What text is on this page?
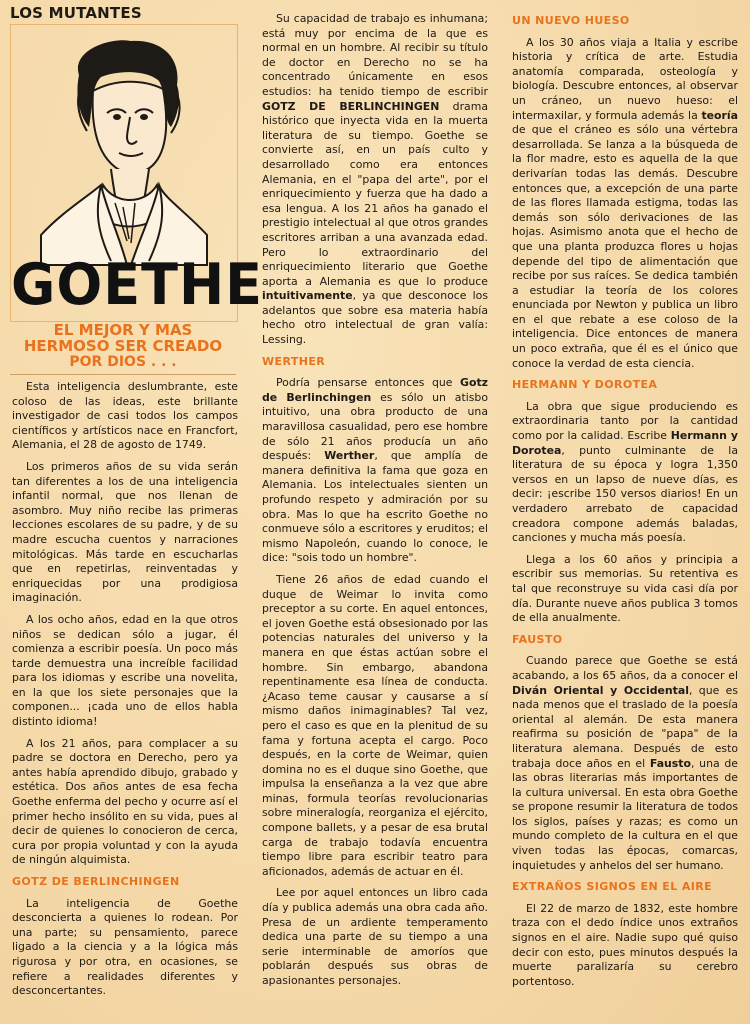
LOS MUTANTES
GOETHE
EL MEJOR Y MAS
HERMOSO SER CREADO
POR DIOS . . .

Esta inteligencia deslumbrante, este coloso de las ideas, este brillante investigador de casi todos los campos científicos y artísticos nace en Francfort, Alemania, el 28 de agosto de 1749.

Los primeros años de su vida serán tan diferentes a los de una inteligencia infantil normal, que nos llenan de asombro. Muy niño recibe las primeras lecciones escolares de su padre, y de su madre escucha cuentos y narraciones mitológicas. Más tarde en escucharlas que en repetirlas, reinventadas y enriquecidas por una prodigiosa imaginación.

A los ocho años, edad en la que otros niños se dedican sólo a jugar, él comienza a escribir poesía. Un poco más tarde demuestra una increíble facilidad para los idiomas y escribe una novelita, en la que los siete personajes que la componen... ¡cada uno de ellos habla distinto idioma!

A los 21 años, para complacer a su padre se doctora en Derecho, pero ya antes había aprendido dibujo, grabado y estética. Dos años antes de esa fecha Goethe enferma del pecho y ocurre así el primer hecho insólito en su vida, pues al decir de quienes lo conocieron de cerca, cura por propia voluntad y con la ayuda de ningún alquimista.

GOTZ DE BERLINCHINGEN

La inteligencia de Goethe desconcierta a quienes lo rodean. Por una parte; su pensamiento, parece ligado a la ciencia y a la lógica más rigurosa y por otra, en ocasiones, se refiere a realidades diferentes y desconcertantes.

Su capacidad de trabajo es inhumana; está muy por encima de la que es normal en un hombre. Al recibir su título de doctor en Derecho no se ha concentrado únicamente en esos estudios: ha tenido tiempo de escribir GOTZ DE BERLINCHINGEN drama histórico que inyecta vida en la muerta literatura de su tiempo. Goethe se convierte así, en un país culto y desarrollado como era entonces Alemania, en el "papa del arte", por el enriquecimiento y fuerza que ha dado a esa lengua. A los 21 años ha ganado el prestigio intelectual al que otros grandes escritores arriban a una avanzada edad. Pero lo extraordinario del enriquecimiento literario que Goethe aporta a Alemania es que lo produce intuitivamente, ya que desconoce los adelantos que sobre esa materia había hecho otro intelectual de gran valía: Lessing.

WERTHER

Podría pensarse entonces que Gotz de Berlinchingen es sólo un atisbo intuitivo, una obra producto de una maravillosa casualidad, pero ese hombre de sólo 21 años producía un año después: Werther, que amplía de manera definitiva la fama que goza en Alemania. Los intelectuales sienten un profundo respeto y admiración por su obra. Mas lo que ha escrito Goethe no conmueve sólo a escritores y eruditos; el mismo Napoleón, cuando lo conoce, le dice: "sois todo un hombre".

Tiene 26 años de edad cuando el duque de Weimar lo invita como preceptor a su corte. En aquel entonces, el joven Goethe está obsesionado por las potencias naturales del universo y la manera en que éstas actúan sobre el hombre. Sin embargo, abandona repentinamente esa línea de conducta. ¿Acaso teme causar y causarse a sí mismo daños inimaginables? Tal vez, pero el caso es que en la plenitud de su fama y fortuna acepta el cargo. Poco después, en la corte de Weimar, quien domina no es el duque sino Goethe, que impulsa la enseñanza a la vez que abre minas, formula teorías revolucionarias sobre mineralogía, reorganiza el ejército, compone ballets, y a pesar de esa brutal carga de trabajo todavía encuentra tiempo libre para escribir teatro para aficionados, además de actuar en él.

Lee por aquel entonces un libro cada día y publica además una obra cada año. Presa de un ardiente temperamento dedica una parte de su tiempo a una serie interminable de amoríos que poblarán después sus obras de apasionantes personajes.

UN NUEVO HUESO

A los 30 años viaja a Italia y escribe historia y crítica de arte. Estudia anatomía comparada, osteología y biología. Descubre entonces, al observar un cráneo, un nuevo hueso: el intermaxilar, y formula además la teoría de que el cráneo es sólo una vértebra desarrollada. Se lanza a la búsqueda de la flor madre, esto es aquella de la que derivarían todas las demás. Descubre entonces que, a excepción de una parte de las flores llamada estigma, todas las demás son sólo derivaciones de las hojas. Asimismo anota que el hecho de que una planta produzca flores u hojas depende del tipo de alimentación que recibe por sus raíces. Se dedica también a estudiar la teoría de los colores enunciada por Newton y publica un libro en el que rebate a ese coloso de la inteligencia. Dice entonces de manera un poco extraña, que él es el único que conoce la verdad de esta ciencia.

HERMANN Y DOROTEA

La obra que sigue produciendo es extraordinaria tanto por la cantidad como por la calidad. Escribe Hermann y Dorotea, punto culminante de la literatura de su época y logra 1,350 versos en un lapso de nueve días, es decir: ¡escribe 150 versos diarios! En un verdadero arrebato de capacidad creadora compone además baladas, canciones y mucha más poesía.

Llega a los 60 años y principia a escribir sus memorias. Su retentiva es tal que reconstruye su vida casi día por día. Durante nueve años publica 3 tomos de ella anualmente.

FAUSTO

Cuando parece que Goethe se está acabando, a los 65 años, da a conocer el Diván Oriental y Occidental, que es nada menos que el traslado de la poesía oriental al alemán. De esta manera reafirma su posición de "papa" de la literatura alemana. Después de esto trabaja doce años en el Fausto, una de las obras literarias más importantes de la cultura universal. En esta obra Goethe se propone resumir la literatura de todos los siglos, países y razas; es como un mundo completo de la cultura en el que viven todas las épocas, comarcas, inquietudes y anhelos del ser humano.

EXTRAÑOS SIGNOS EN EL AIRE

El 22 de marzo de 1832, este hombre traza con el dedo índice unos extraños signos en el aire. Nadie supo qué quiso decir con esto, pues minutos después la muerte paralizaría su cerebro portentoso.
